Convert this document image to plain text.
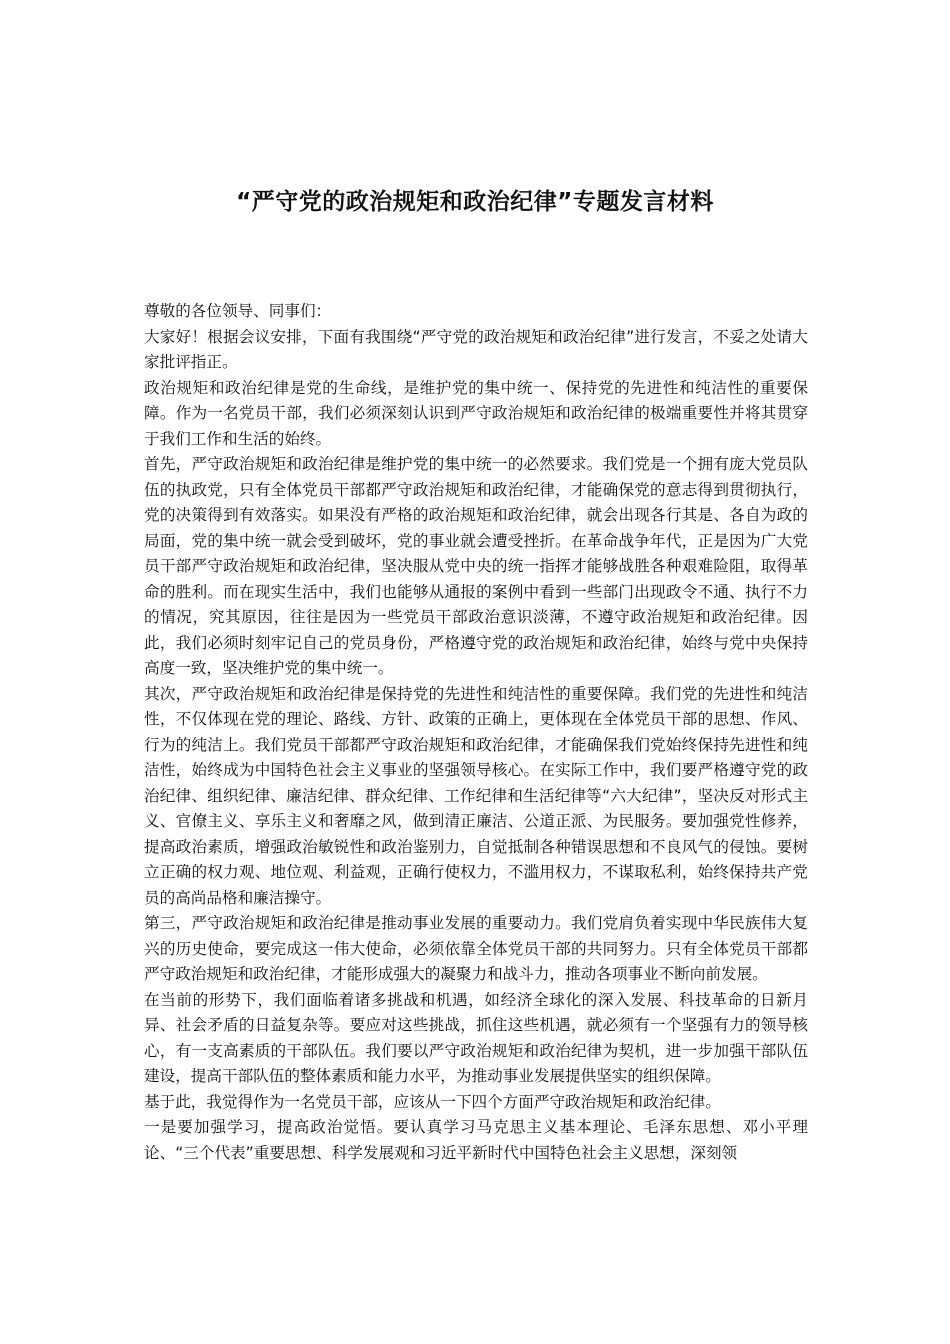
“严守党的政治规矩和政治纪律”专题发言材料

尊敬的各位领导、同事们：

大家好！根据会议安排，下面有我围绕“严守党的政治规矩和政治纪律”进行发言，不妥之处请大家批评指正。

政治规矩和政治纪律是党的生命线，是维护党的集中统一、保持党的先进性和纯洁性的重要保障。作为一名党员干部，我们必须深刻认识到严守政治规矩和政治纪律的极端重要性并将其贯穿于我们工作和生活的始终。

首先，严守政治规矩和政治纪律是维护党的集中统一的必然要求。我们党是一个拥有庞大党员队伍的执政党，只有全体党员干部都严守政治规矩和政治纪律，才能确保党的意志得到贯彻执行，党的决策得到有效落实。如果没有严格的政治规矩和政治纪律，就会出现各行其是、各自为政的局面，党的集中统一就会受到破坏，党的事业就会遭受挫折。在革命战争年代，正是因为广大党员干部严守政治规矩和政治纪律，坚决服从党中央的统一指挥才能够战胜各种艰难险阻，取得革命的胜利。而在现实生活中，我们也能够从通报的案例中看到一些部门出现政令不通、执行不力的情况，究其原因，往往是因为一些党员干部政治意识淡薄，不遵守政治规矩和政治纪律。因此，我们必须时刻牢记自己的党员身份，严格遵守党的政治规矩和政治纪律，始终与党中央保持高度一致，坚决维护党的集中统一。

其次，严守政治规矩和政治纪律是保持党的先进性和纯洁性的重要保障。我们党的先进性和纯洁性，不仅体现在党的理论、路线、方针、政策的正确上，更体现在全体党员干部的思想、作风、行为的纯洁上。我们党员干部都严守政治规矩和政治纪律，才能确保我们党始终保持先进性和纯洁性，始终成为中国特色社会主义事业的坚强领导核心。在实际工作中，我们要严格遵守党的政治纪律、组织纪律、廉洁纪律、群众纪律、工作纪律和生活纪律等“六大纪律”，坚决反对形式主义、官僚主义、享乐主义和奢靡之风，做到清正廉洁、公道正派、为民服务。要加强党性修养，提高政治素质，增强政治敏锐性和政治鉴别力，自觉抵制各种错误思想和不良风气的侵蚀。要树立正确的权力观、地位观、利益观，正确行使权力，不滥用权力，不谋取私利，始终保持共产党员的高尚品格和廉洁操守。

第三，严守政治规矩和政治纪律是推动事业发展的重要动力。我们党肩负着实现中华民族伟大复兴的历史使命，要完成这一伟大使命，必须依靠全体党员干部的共同努力。只有全体党员干部都严守政治规矩和政治纪律，才能形成强大的凝聚力和战斗力，推动各项事业不断向前发展。

在当前的形势下，我们面临着诸多挑战和机遇，如经济全球化的深入发展、科技革命的日新月异、社会矛盾的日益复杂等。要应对这些挑战，抓住这些机遇，就必须有一个坚强有力的领导核心，有一支高素质的干部队伍。我们要以严守政治规矩和政治纪律为契机，进一步加强干部队伍建设，提高干部队伍的整体素质和能力水平，为推动事业发展提供坚实的组织保障。

基于此，我觉得作为一名党员干部，应该从一下四个方面严守政治规矩和政治纪律。

一是要加强学习，提高政治觉悟。要认真学习马克思主义基本理论、毛泽东思想、邓小平理论、“三个代表”重要思想、科学发展观和习近平新时代中国特色社会主义思想，深刻领
